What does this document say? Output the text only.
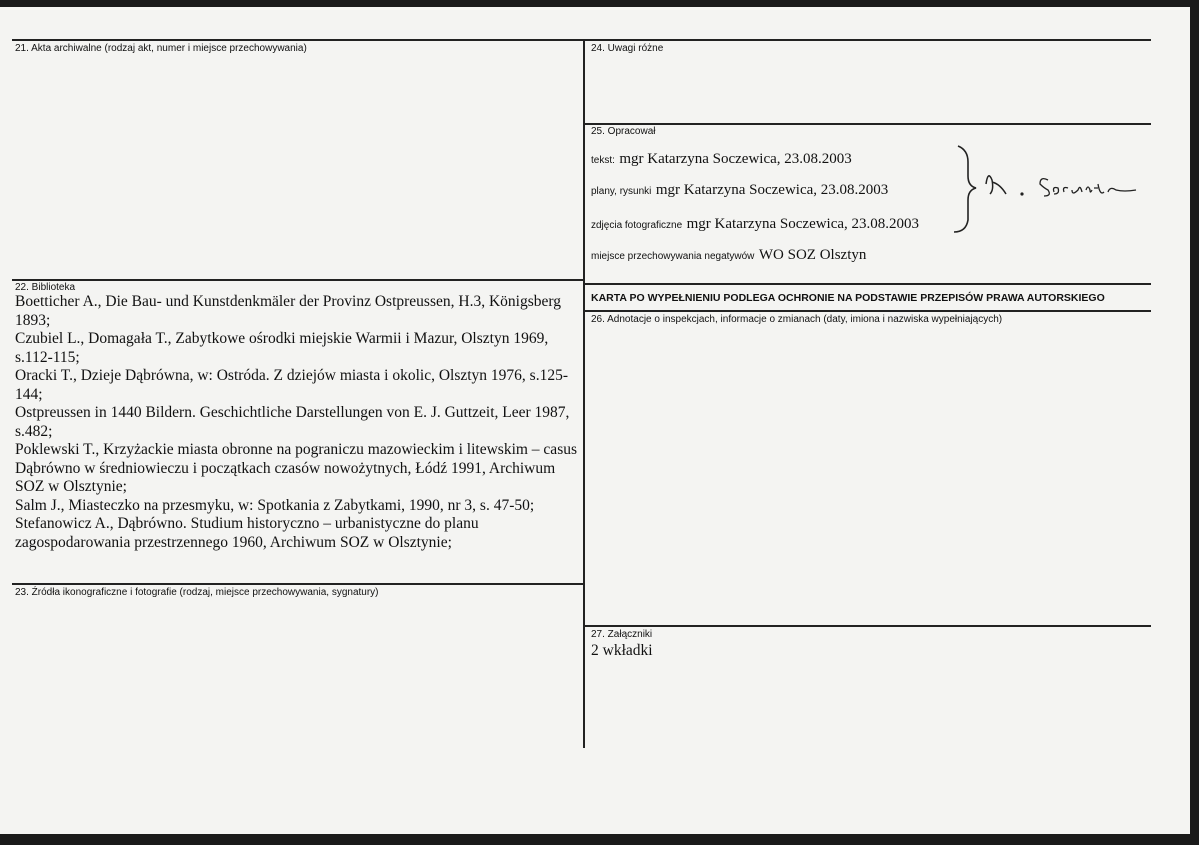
21. Akta archiwalne (rodzaj akt, numer i miejsce przechowywania)
22. Biblioteka

Boetticher A., Die Bau- und Kunstdenkmäler der Provinz Ostpreussen, H.3, Königsberg 1893;

Czubiel L., Domagała T., Zabytkowe ośrodki miejskie Warmii i Mazur, Olsztyn 1969, s.112-115;

Oracki T., Dzieje Dąbrówna, w: Ostróda. Z dziejów miasta i okolic, Olsztyn 1976, s.125-144;

Ostpreussen in 1440 Bildern. Geschichtliche Darstellungen von E. J. Guttzeit, Leer 1987, s.482;

Poklewski T., Krzyżackie miasta obronne na pograniczu mazowieckim i litewskim – casus Dąbrówno w średniowieczu i początkach czasów nowożytnych, Łódź 1991, Archiwum SOZ w Olsztynie;

Salm J., Miasteczko na przesmyku, w: Spotkania z Zabytkami, 1990, nr 3, s. 47-50;

Stefanowicz A., Dąbrówno. Studium historyczno – urbanistyczne do planu zagospodarowania przestrzennego 1960, Archiwum SOZ w Olsztynie;

23. Źródła ikonograficzne i fotografie (rodzaj, miejsce przechowywania, sygnatury)
24. Uwagi różne
25. Opracował
tekst: mgr Katarzyna Soczewica, 23.08.2003
plany, rysunki mgr Katarzyna Soczewica, 23.08.2003
zdjęcia fotograficzne mgr Katarzyna Soczewica, 23.08.2003
miejsce przechowywania negatywów WO SOZ Olsztyn
KARTA PO WYPEŁNIENIU PODLEGA OCHRONIE NA PODSTAWIE PRZEPISÓW PRAWA AUTORSKIEGO
26. Adnotacje o inspekcjach, informacje o zmianach (daty, imiona i nazwiska wypełniających)
27. Załączniki
2 wkładki
